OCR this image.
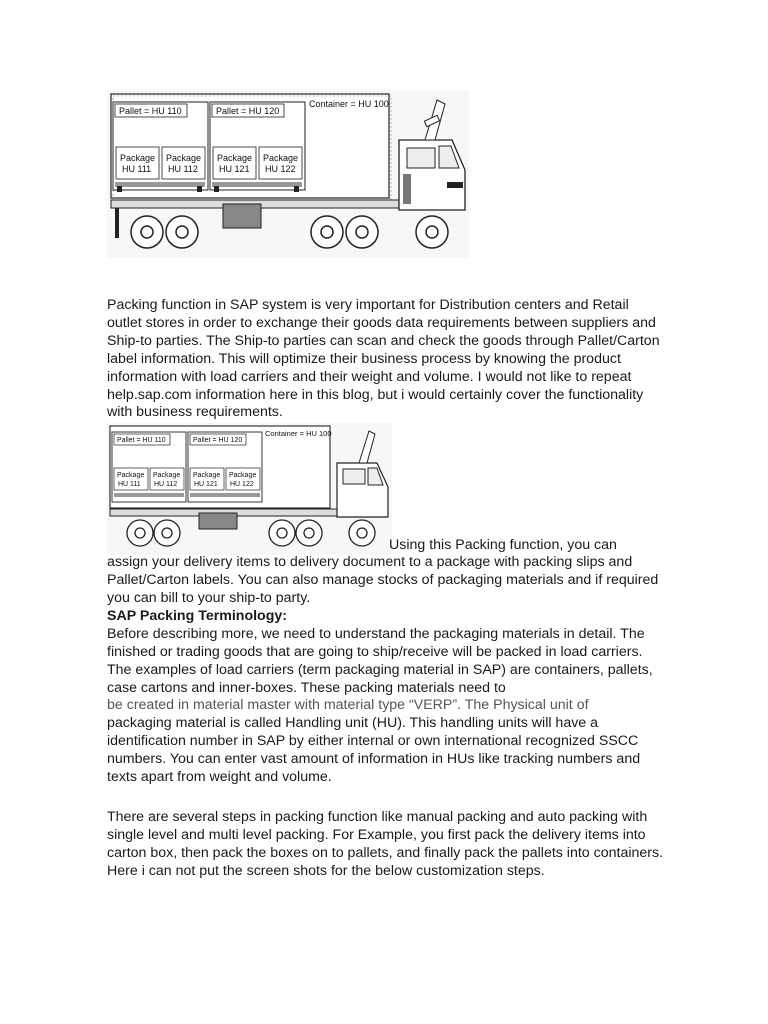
Container = HU 100
Pallet = HU 110
Package
HU 111
Package
HU 112
Pallet = HU 120
Package
HU 121
Package
HU 122

Packing function in SAP system is very important for Distribution centers and Retail outlet stores in order to exchange their goods data requirements between suppliers and Ship-to parties. The Ship-to parties can scan and check the goods through Pallet/Carton label information. This will optimize their business process by knowing the product information with load carriers and their weight and volume. I would not like to repeat help.sap.com information here in this blog, but i would certainly cover the functionality with business requirements.

Container = HU 100
Pallet = HU 110
Package
HU 111
Package
HU 112
Pallet = HU 120
Package
HU 121
Package
HU 122

Using this Packing function, you can

assign your delivery items to delivery document to a package with packing slips and Pallet/Carton labels. You can also manage stocks of packaging materials and if required you can bill to your ship-to party.

SAP Packing Terminology:

Before describing more, we need to understand the packaging materials in detail. The finished or trading goods that are going to ship/receive will be packed in load carriers. The examples of load carriers (term packaging material in SAP) are containers, pallets, case cartons and inner-boxes. These packing materials need to

be created in material master with material type “VERP”. The Physical unit of

packaging material is called Handling unit (HU). This handling units will have a identification number in SAP by either internal or own international recognized SSCC numbers. You can enter vast amount of information in HUs like tracking numbers and texts apart from weight and volume.

There are several steps in packing function like manual packing and auto packing with single level and multi level packing. For Example, you first pack the delivery items into carton box, then pack the boxes on to pallets, and finally pack the pallets into containers. Here i can not put the screen shots for the below customization steps.
